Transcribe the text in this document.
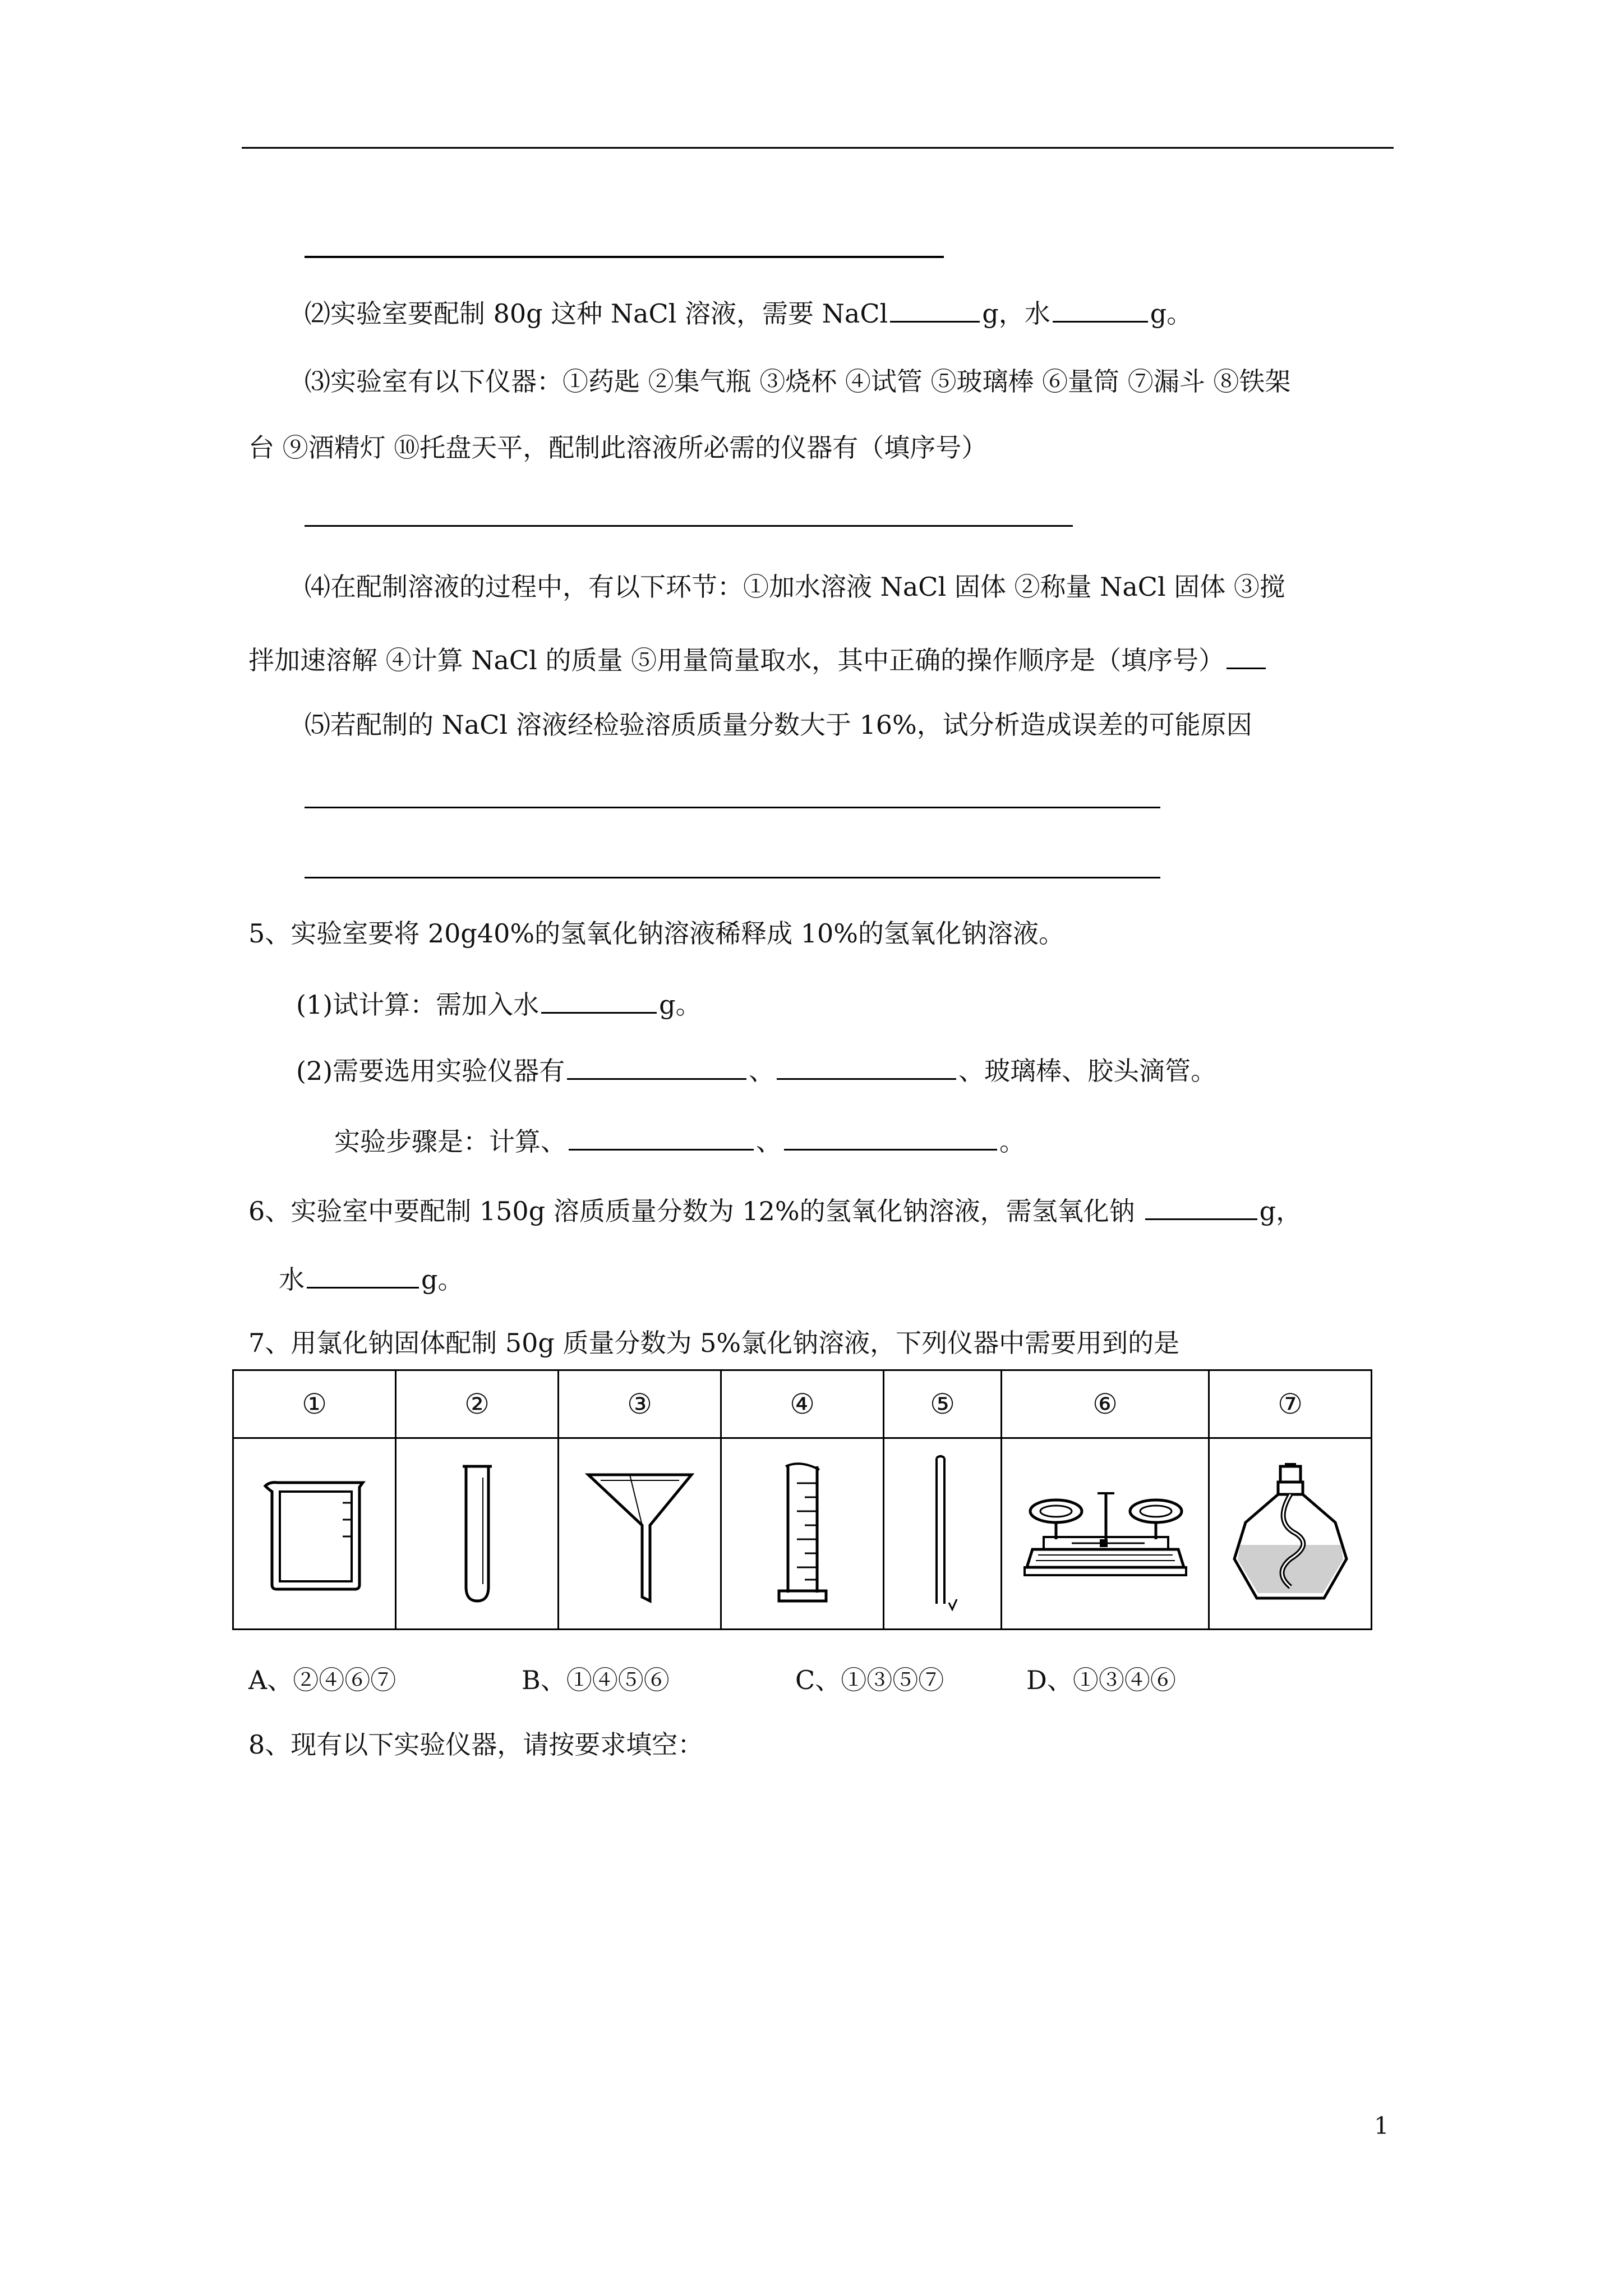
⑵实验室要配制 80g 这种 NaCl 溶液，需要 NaCl	g，水	g。
⑶实验室有以下仪器：①药匙 ②集气瓶 ③烧杯 ④试管 ⑤玻璃棒 ⑥量筒 ⑦漏斗 ⑧铁架
台 ⑨酒精灯 ⑩托盘天平，配制此溶液所必需的仪器有（填序号）
⑷在配制溶液的过程中，有以下环节：①加水溶液 NaCl 固体 ②称量 NaCl 固体 ③搅
拌加速溶解 ④计算 NaCl 的质量 ⑤用量筒量取水，其中正确的操作顺序是（填序号）
⑸若配制的 NaCl 溶液经检验溶质质量分数大于 16%，试分析造成误差的可能原因
5、实验室要将 20g40%的氢氧化钠溶液稀释成 10%的氢氧化钠溶液。
(1)试计算：需加入水	g。
(2)需要选用实验仪器有	、	、玻璃棒、胶头滴管。
实验步骤是：计算、	、	。
6、实验室中要配制 150g 溶质质量分数为 12%的氢氧化钠溶液，需氢氧化钠	g，
水	g。
7、用氯化钠固体配制 50g 质量分数为 5%氯化钠溶液，下列仪器中需要用到的是
①	②	③	④	⑤	⑥	⑦

A、②④⑥⑦	B、①④⑤⑥	C、①③⑤⑦	D、①③④⑥
8、现有以下实验仪器，请按要求填空：
1
